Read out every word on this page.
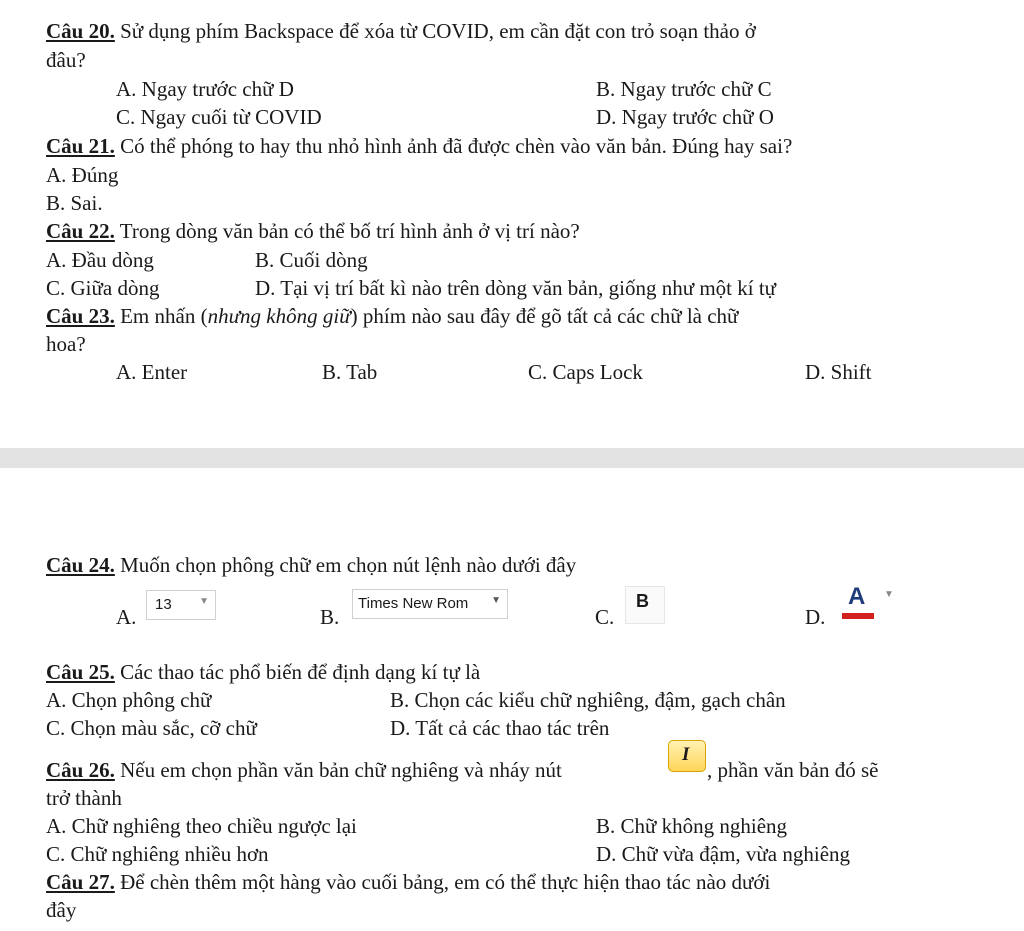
Câu 20. Sử dụng phím Backspace để xóa từ COVID, em cần đặt con trỏ soạn thảo ở
đâu?
A. Ngay trước chữ D	B. Ngay trước chữ C
C. Ngay cuối từ COVID	D. Ngay trước chữ O
Câu 21. Có thể phóng to hay thu nhỏ hình ảnh đã được chèn vào văn bản. Đúng hay sai?
A. Đúng
B. Sai.
Câu 22. Trong dòng văn bản có thể bố trí hình ảnh ở vị trí nào?
A. Đầu dòng	B. Cuối dòng
C. Giữa dòng	D. Tại vị trí bất kì nào trên dòng văn bản, giống như một kí tự
Câu 23. Em nhấn (nhưng không giữ) phím nào sau đây để gõ tất cả các chữ là chữ
hoa?
A. Enter	B. Tab	C. Caps Lock	D. Shift
Câu 24. Muốn chọn phông chữ em chọn nút lệnh nào dưới đây
A.
13	▼
B.
Times New Rom ▼
C.
B
D.
A ▼
Câu 25. Các thao tác phổ biến để định dạng kí tự là
A. Chọn phông chữ	B. Chọn các kiểu chữ nghiêng, đậm, gạch chân
C. Chọn màu sắc, cỡ chữ	D. Tất cả các thao tác trên
Câu 26. Nếu em chọn phần văn bản chữ nghiêng và nháy nút
I
, phần văn bản đó sẽ
trở thành
A. Chữ nghiêng theo chiều ngược lại	B. Chữ không nghiêng
C. Chữ nghiêng nhiều hơn	D. Chữ vừa đậm, vừa nghiêng
Câu 27. Để chèn thêm một hàng vào cuối bảng, em có thể thực hiện thao tác nào dưới
đây
